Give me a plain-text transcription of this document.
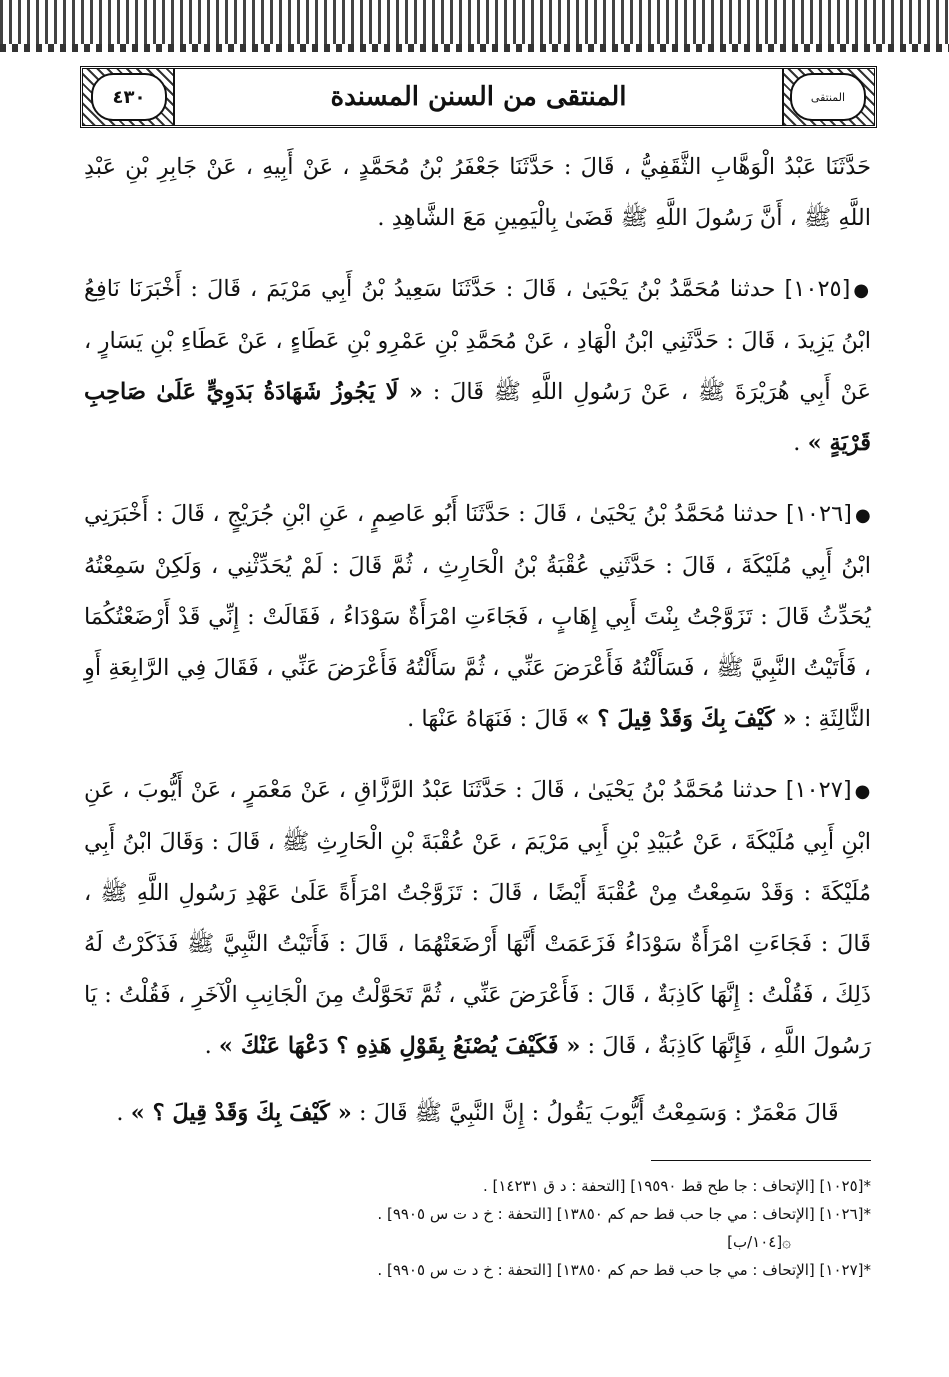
٤٣٠	المنتقى من السنن المسندة	المنتقى

حَدَّثَنَا عَبْدُ الْوَهَّابِ الثَّقَفِيُّ ، قَالَ : حَدَّثَنَا جَعْفَرُ بْنُ مُحَمَّدٍ ، عَنْ أَبِيهِ ، عَنْ جَابِرِ بْنِ عَبْدِ اللَّهِ ﷺ ، أَنَّ رَسُولَ اللَّهِ ﷺ قَضَىٰ بِالْيَمِينِ مَعَ الشَّاهِدِ .

●[١٠٢٥] حدثنا مُحَمَّدُ بْنُ يَحْيَىٰ ، قَالَ : حَدَّثَنَا سَعِيدُ بْنُ أَبِي مَرْيَمَ ، قَالَ : أَخْبَرَنَا نَافِعُ ابْنُ يَزِيدَ ، قَالَ : حَدَّثَنِي ابْنُ الْهَادِ ، عَنْ مُحَمَّدِ بْنِ عَمْرِو بْنِ عَطَاءٍ ، عَنْ عَطَاءِ بْنِ يَسَارٍ ، عَنْ أَبِي هُرَيْرَةَ ﷺ ، عَنْ رَسُولِ اللَّهِ ﷺ قَالَ : « لَا يَجُوزُ شَهَادَةُ بَدَوِيٍّ عَلَىٰ صَاحِبِ قَرْيَةٍ » .

●[١٠٢٦] حدثنا مُحَمَّدُ بْنُ يَحْيَىٰ ، قَالَ : حَدَّثَنَا أَبُو عَاصِمٍ ، عَنِ ابْنِ جُرَيْجٍ ، قَالَ : أَخْبَرَنِي ابْنُ أَبِي مُلَيْكَةَ ، قَالَ : حَدَّثَنِي عُقْبَةُ بْنُ الْحَارِثِ ، ثُمَّ قَالَ : لَمْ يُحَدِّثْنِي ، وَلَكِنْ سَمِعْتُهُ يُحَدِّثُ قَالَ : تَزَوَّجْتُ بِنْتَ أَبِي إِهَابٍ ، فَجَاءَتِ امْرَأَةٌ سَوْدَاءُ ، فَقَالَتْ : إِنِّي قَدْ أَرْضَعْتُكُمَا ، فَأَتَيْتُ النَّبِيَّ ﷺ ، فَسَأَلْتُهُ فَأَعْرَضَ عَنِّي ، ثُمَّ سَأَلْتُهُ فَأَعْرَضَ عَنِّي ، فَقَالَ فِي الرَّابِعَةِ أَوِ الثَّالِثَةِ : « كَيْفَ بِكَ وَقَدْ قِيلَ ؟ » قَالَ : فَنَهَاهُ عَنْهَا .

●[١٠٢٧] حدثنا مُحَمَّدُ بْنُ يَحْيَىٰ ، قَالَ : حَدَّثَنَا عَبْدُ الرَّزَّاقِ ، عَنْ مَعْمَرٍ ، عَنْ أَيُّوبَ ، عَنِ ابْنِ أَبِي مُلَيْكَةَ ، عَنْ عُبَيْدِ بْنِ أَبِي مَرْيَمَ ، عَنْ عُقْبَةَ بْنِ الْحَارِثِ ﷺ ، قَالَ : وَقَالَ ابْنُ أَبِي مُلَيْكَةَ : وَقَدْ سَمِعْتُ مِنْ عُقْبَةَ أَيْضًا ، قَالَ : تَزَوَّجْتُ امْرَأَةً عَلَىٰ عَهْدِ رَسُولِ اللَّهِ ﷺ ، قَالَ : فَجَاءَتِ امْرَأَةٌ سَوْدَاءُ فَزَعَمَتْ أَنَّهَا أَرْضَعَتْهُمَا ، قَالَ : فَأَتَيْتُ النَّبِيَّ ﷺ فَذَكَرْتُ لَهُ ذَلِكَ ، فَقُلْتُ : إِنَّهَا كَاذِبَةٌ ، قَالَ : فَأَعْرَضَ عَنِّي ، ثُمَّ تَحَوَّلْتُ مِنَ الْجَانِبِ الْآخَرِ ، فَقُلْتُ : يَا رَسُولَ اللَّهِ ، فَإِنَّهَا كَاذِبَةٌ ، قَالَ : « فَكَيْفَ يُصْنَعُ بِقَوْلِ هَذِهِ ؟ دَعْهَا عَنْكَ » .

قَالَ مَعْمَرٌ : وَسَمِعْتُ أَيُّوبَ يَقُولُ : إِنَّ النَّبِيَّ ﷺ قَالَ : « كَيْفَ بِكَ وَقَدْ قِيلَ ؟ » .

*[١٠٢٥] [الإتحاف : جا طح قط ١٩٥٩٠] [التحفة : د ق ١٤٢٣١] .

*[١٠٢٦] [الإتحاف : مي جا حب قط حم كم ١٣٨٥٠] [التحفة : خ د ت س ٩٩٠٥] .

۞[١٠٤/ب]

*[١٠٢٧] [الإتحاف : مي جا حب قط حم كم ١٣٨٥٠] [التحفة : خ د ت س ٩٩٠٥] .
